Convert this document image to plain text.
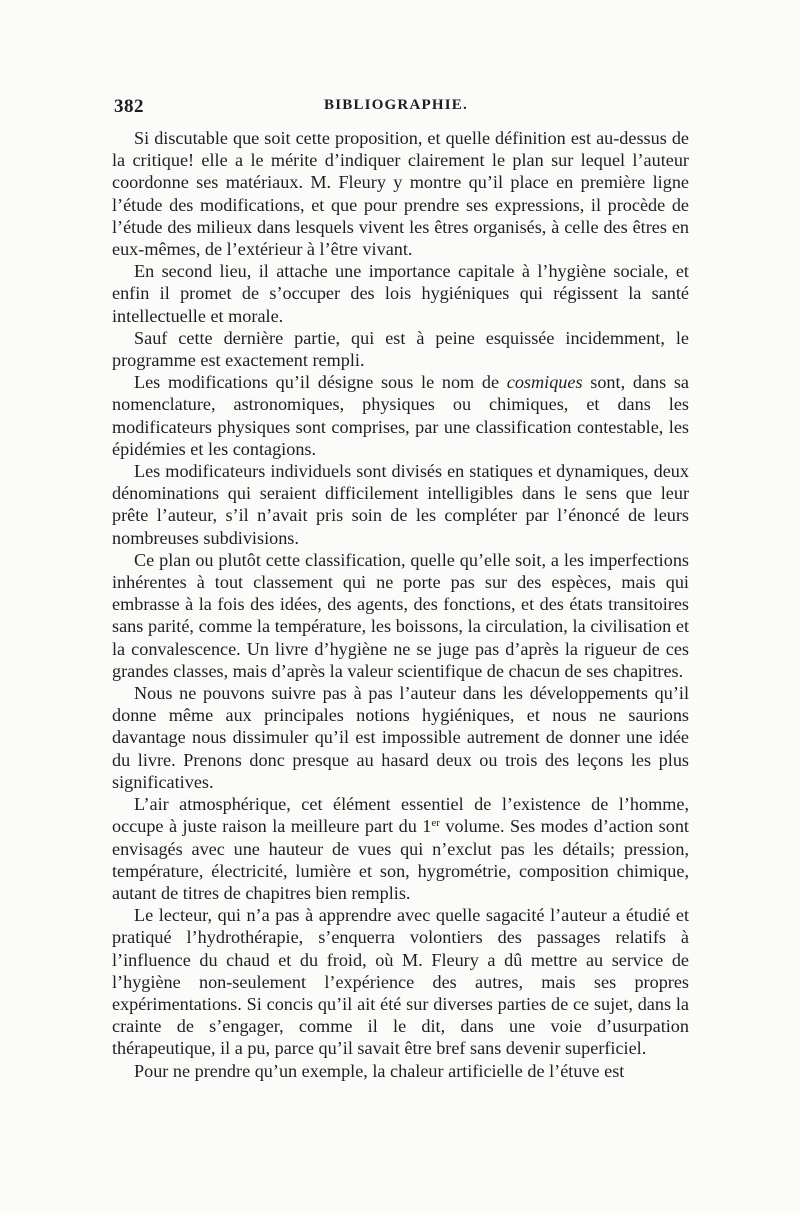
382	BIBLIOGRAPHIE.

Si discutable que soit cette proposition, et quelle définition est au-dessus de la critique! elle a le mérite d’indiquer clairement le plan sur lequel l’auteur coordonne ses matériaux. M. Fleury y montre qu’il place en première ligne l’étude des modifications, et que pour prendre ses expressions, il procède de l’étude des milieux dans lesquels vivent les êtres organisés, à celle des êtres en eux-mêmes, de l’extérieur à l’être vivant.

En second lieu, il attache une importance capitale à l’hygiène sociale, et enfin il promet de s’occuper des lois hygiéniques qui régissent la santé intellectuelle et morale.

Sauf cette dernière partie, qui est à peine esquissée incidemment, le programme est exactement rempli.

Les modifications qu’il désigne sous le nom de cosmiques sont, dans sa nomenclature, astronomiques, physiques ou chimiques, et dans les modificateurs physiques sont comprises, par une classification contestable, les épidémies et les contagions.

Les modificateurs individuels sont divisés en statiques et dynamiques, deux dénominations qui seraient difficilement intelligibles dans le sens que leur prête l’auteur, s’il n’avait pris soin de les compléter par l’énoncé de leurs nombreuses subdivisions.

Ce plan ou plutôt cette classification, quelle qu’elle soit, a les imperfections inhérentes à tout classement qui ne porte pas sur des espèces, mais qui embrasse à la fois des idées, des agents, des fonctions, et des états transitoires sans parité, comme la température, les boissons, la circulation, la civilisation et la convalescence. Un livre d’hygiène ne se juge pas d’après la rigueur de ces grandes classes, mais d’après la valeur scientifique de chacun de ses chapitres.

Nous ne pouvons suivre pas à pas l’auteur dans les développements qu’il donne même aux principales notions hygiéniques, et nous ne saurions davantage nous dissimuler qu’il est impossible autrement de donner une idée du livre. Prenons donc presque au hasard deux ou trois des leçons les plus significatives.

L’air atmosphérique, cet élément essentiel de l’existence de l’homme, occupe à juste raison la meilleure part du 1er volume. Ses modes d’action sont envisagés avec une hauteur de vues qui n’exclut pas les détails; pression, température, électricité, lumière et son, hygrométrie, composition chimique, autant de titres de chapitres bien remplis.

Le lecteur, qui n’a pas à apprendre avec quelle sagacité l’auteur a étudié et pratiqué l’hydrothérapie, s’enquerra volontiers des passages relatifs à l’influence du chaud et du froid, où M. Fleury a dû mettre au service de l’hygiène non-seulement l’expérience des autres, mais ses propres expérimentations. Si concis qu’il ait été sur diverses parties de ce sujet, dans la crainte de s’engager, comme il le dit, dans une voie d’usurpation thérapeutique, il a pu, parce qu’il savait être bref sans devenir superficiel.

Pour ne prendre qu’un exemple, la chaleur artificielle de l’étuve est
